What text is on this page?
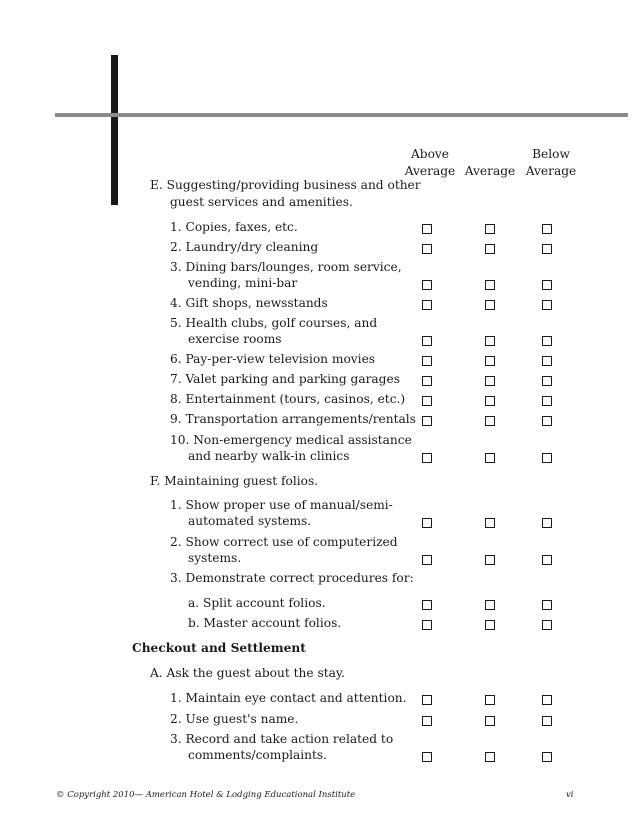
Above
Average Average
Below
Average
E. Suggesting/providing business and other
guest services and amenities.
1. Copies, faxes, etc.
2. Laundry/dry cleaning
3. Dining bars/lounges, room service,
vending, mini-bar
4. Gift shops, newsstands
5. Health clubs, golf courses, and
exercise rooms
6. Pay-per-view television movies
7. Valet parking and parking garages
8. Entertainment (tours, casinos, etc.)
9. Transportation arrangements/rentals
10. Non-emergency medical assistance
and nearby walk-in clinics
F. Maintaining guest folios.
1. Show proper use of manual/semi-
automated systems.
2. Show correct use of computerized
systems.
3. Demonstrate correct procedures for:
a. Split account folios.
b. Master account folios.
Checkout and Settlement
A. Ask the guest about the stay.
1. Maintain eye contact and attention.
2. Use guest's name.
3. Record and take action related to
comments/complaints.
© Copyright 2010— American Hotel & Lodging Educational Institute	vi
